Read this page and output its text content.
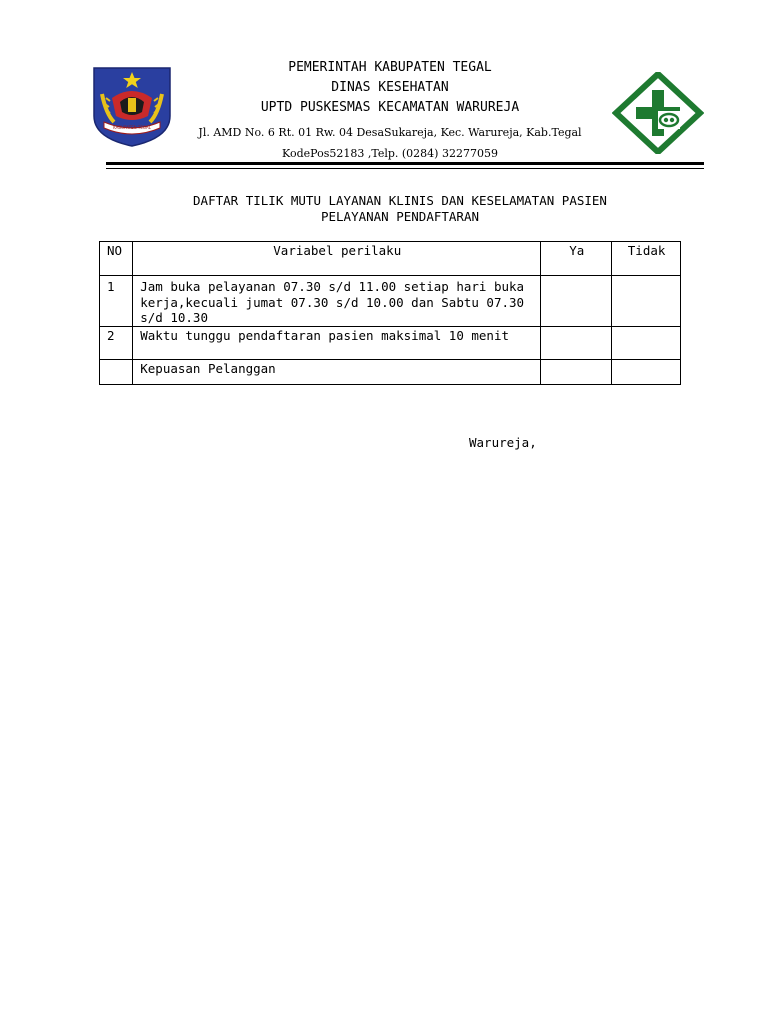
KABUPATEN TEGAL
PEMERINTAH KABUPATEN TEGAL
DINAS KESEHATAN
UPTD PUSKESMAS KECAMATAN WARUREJA
Jl. AMD No. 6 Rt. 01 Rw. 04 DesaSukareja, Kec. Warureja, Kab.Tegal
KodePos52183 ,Telp. (0284) 32277059
DAFTAR TILIK MUTU LAYANAN KLINIS DAN KESELAMATAN PASIEN
PELAYANAN PENDAFTARAN
NO	Variabel perilaku	Ya	Tidak
1	Jam buka pelayanan 07.30 s/d 11.00 setiap hari buka kerja,kecuali jumat 07.30 s/d 10.00 dan Sabtu 07.30 s/d 10.30		
2	Waktu tunggu pendaftaran pasien maksimal 10 menit		
	Kepuasan Pelanggan		
Warureja,
